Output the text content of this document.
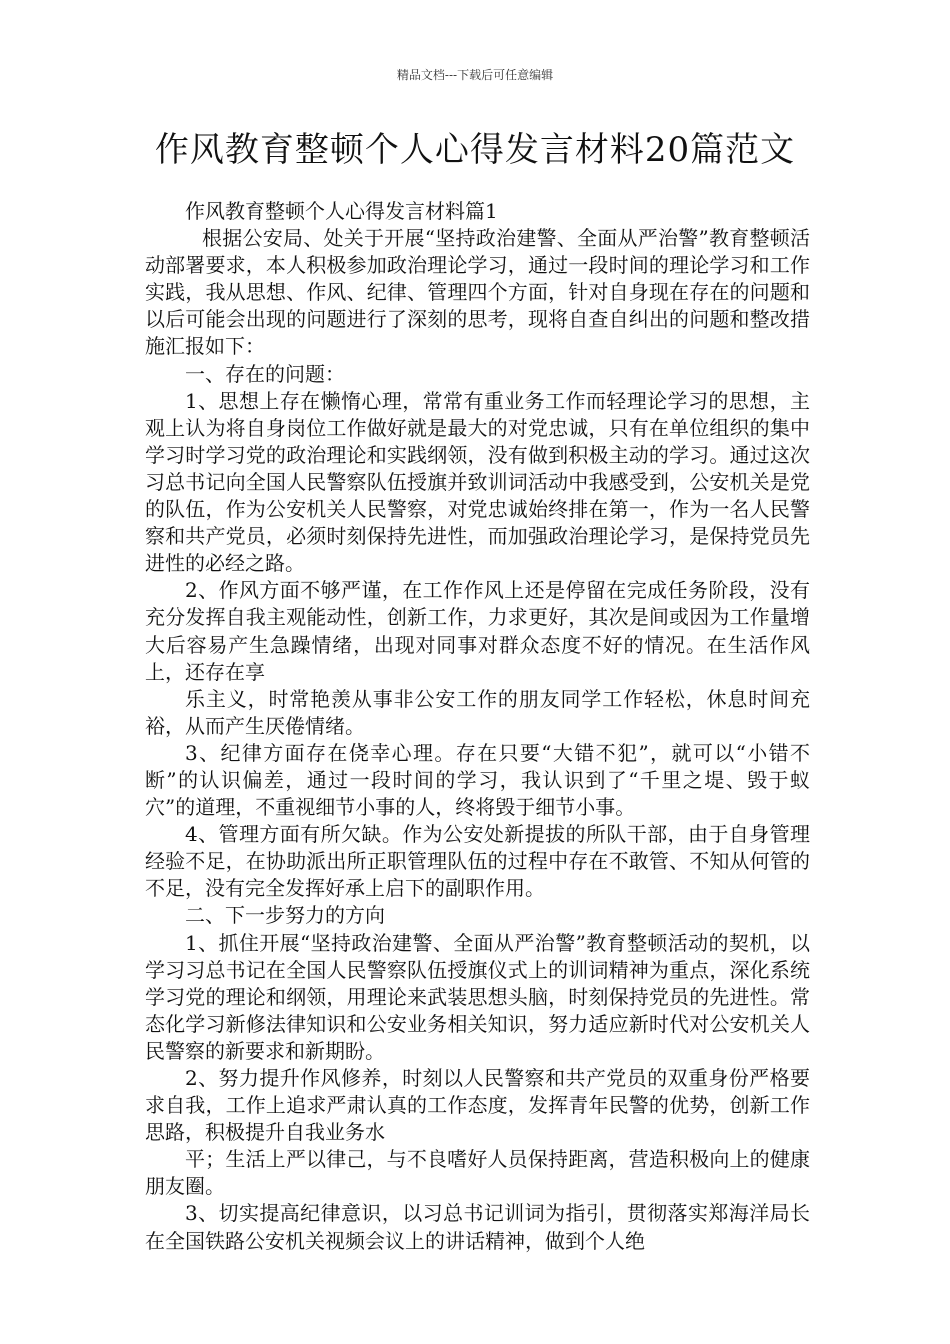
精品文档---下载后可任意编辑
作风教育整顿个人心得发言材料20篇范文

作风教育整顿个人心得发言材料篇1

根据公安局、处关于开展“坚持政治建警、全面从严治警”教育整顿活动部署要求，本人积极参加政治理论学习，通过一段时间的理论学习和工作实践，我从思想、作风、纪律、管理四个方面，针对自身现在存在的问题和以后可能会出现的问题进行了深刻的思考，现将自查自纠出的问题和整改措施汇报如下：

一、存在的问题：

1、思想上存在懒惰心理，常常有重业务工作而轻理论学习的思想，主观上认为将自身岗位工作做好就是最大的对党忠诚，只有在单位组织的集中学习时学习党的政治理论和实践纲领，没有做到积极主动的学习。通过这次习总书记向全国人民警察队伍授旗并致训词活动中我感受到，公安机关是党的队伍，作为公安机关人民警察，对党忠诚始终排在第一，作为一名人民警察和共产党员，必须时刻保持先进性，而加强政治理论学习，是保持党员先进性的必经之路。

2、作风方面不够严谨，在工作作风上还是停留在完成任务阶段，没有充分发挥自我主观能动性，创新工作，力求更好，其次是间或因为工作量增大后容易产生急躁情绪，出现对同事对群众态度不好的情况。在生活作风上，还存在享

乐主义，时常艳羡从事非公安工作的朋友同学工作轻松，休息时间充裕，从而产生厌倦情绪。

3、纪律方面存在侥幸心理。存在只要“大错不犯”，就可以“小错不断”的认识偏差，通过一段时间的学习，我认识到了“千里之堤、毁于蚁穴”的道理，不重视细节小事的人，终将毁于细节小事。

4、管理方面有所欠缺。作为公安处新提拔的所队干部，由于自身管理经验不足，在协助派出所正职管理队伍的过程中存在不敢管、不知从何管的不足，没有完全发挥好承上启下的副职作用。

二、下一步努力的方向

1、抓住开展“坚持政治建警、全面从严治警”教育整顿活动的契机，以学习习总书记在全国人民警察队伍授旗仪式上的训词精神为重点，深化系统学习党的理论和纲领，用理论来武装思想头脑，时刻保持党员的先进性。常态化学习新修法律知识和公安业务相关知识，努力适应新时代对公安机关人民警察的新要求和新期盼。

2、努力提升作风修养，时刻以人民警察和共产党员的双重身份严格要求自我，工作上追求严肃认真的工作态度，发挥青年民警的优势，创新工作思路，积极提升自我业务水

平；生活上严以律己，与不良嗜好人员保持距离，营造积极向上的健康朋友圈。

3、切实提高纪律意识，以习总书记训词为指引，贯彻落实郑海洋局长在全国铁路公安机关视频会议上的讲话精神，做到个人绝
